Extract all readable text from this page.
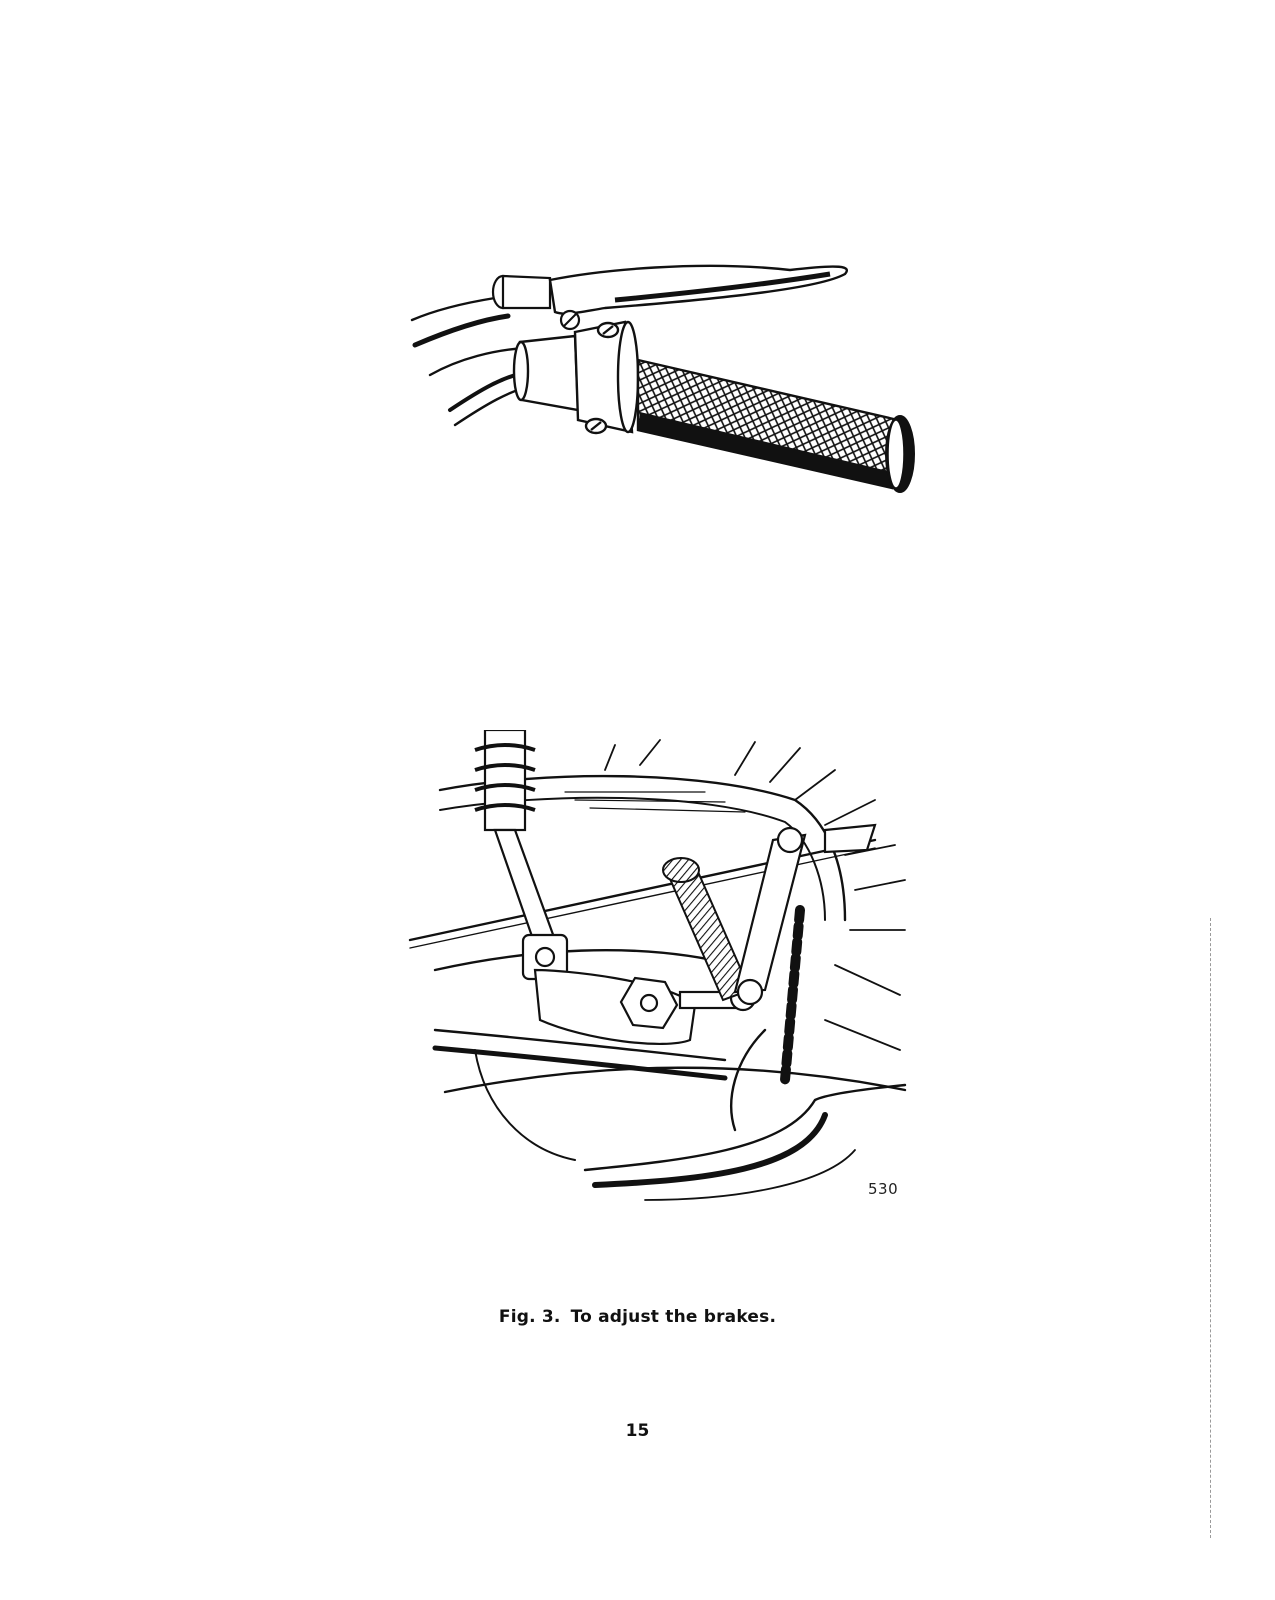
530
Fig. 3. To adjust the brakes.
15
